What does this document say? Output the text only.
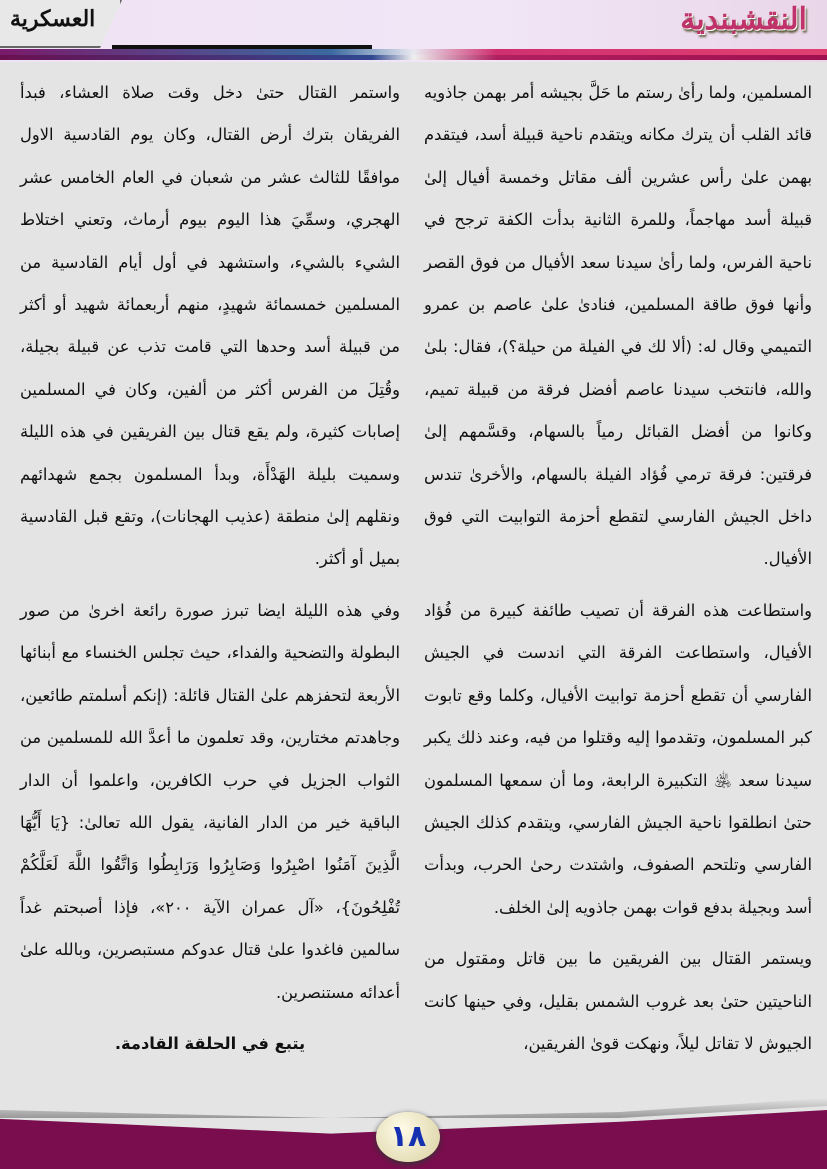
العسكرية	النقشبندية

المسلمين، ولما رأىٰ رستم ما حَلَّ بجيشه أمر بهمن جاذويه قائد القلب أن يترك مكانه ويتقدم ناحية قبيلة أسد، فيتقدم بهمن علىٰ رأس عشرين ألف مقاتل وخمسة أفيال إلىٰ قبيلة أسد مهاجماً، وللمرة الثانية بدأت الكفة ترجح في ناحية الفرس، ولما رأىٰ سيدنا سعد الأفيال من فوق القصر وأنها فوق طاقة المسلمين، فنادىٰ علىٰ عاصم بن عمرو التميمي وقال له: (ألا لك في الفيلة من حيلة؟)، فقال: بلىٰ والله، فانتخب سيدنا عاصم أفضل فرقة من قبيلة تميم، وكانوا من أفضل القبائل رمياً بالسهام، وقسَّمهم إلىٰ فرقتين: فرقة ترمي فُؤاد الفيلة بالسهام، والأخرىٰ تندس داخل الجيش الفارسي لتقطع أحزمة التوابيت التي فوق الأفيال.

واستطاعت هذه الفرقة أن تصيب طائفة كبيرة من فُؤاد الأفيال، واستطاعت الفرقة التي اندست في الجيش الفارسي أن تقطع أحزمة توابيت الأفيال، وكلما وقع تابوت كبر المسلمون، وتقدموا إليه وقتلوا من فيه، وعند ذلك يكبر سيدنا سعد ﵁ التكبيرة الرابعة، وما أن سمعها المسلمون حتىٰ انطلقوا ناحية الجيش الفارسي، ويتقدم كذلك الجيش الفارسي وتلتحم الصفوف، واشتدت رحىٰ الحرب، وبدأت أسد وبجيلة بدفع قوات بهمن جاذويه إلىٰ الخلف.

ويستمر القتال بين الفريقين ما بين قاتل ومقتول من الناحيتين حتىٰ بعد غروب الشمس بقليل، وفي حينها كانت الجيوش لا تقاتل ليلاً، ونهكت قوىٰ الفريقين،

واستمر القتال حتىٰ دخل وقت صلاة العشاء، فبدأ الفريقان بترك أرض القتال، وكان يوم القادسية الاول موافقًا للثالث عشر من شعبان في العام الخامس عشر الهجري، وسمِّيَ هذا اليوم بيوم أرماث، وتعني اختلاط الشيء بالشيء، واستشهد في أول أيام القادسية من المسلمين خمسمائة شهيدٍ، منهم أربعمائة شهيد أو أكثر من قبيلة أسد وحدها التي قامت تذب عن قبيلة بجيلة، وقُتِلَ من الفرس أكثر من ألفين، وكان في المسلمين إصابات كثيرة، ولم يقع قتال بين الفريقين في هذه الليلة وسميت بليلة الهَدْأَة، وبدأ المسلمون بجمع شهدائهم ونقلهم إلىٰ منطقة (عذيب الهجانات)، وتقع قبل القادسية بميل أو أكثر.

وفي هذه الليلة ايضا تبرز صورة رائعة اخرىٰ من صور البطولة والتضحية والفداء، حيث تجلس الخنساء مع أبنائها الأربعة لتحفزهم علىٰ القتال قائلة: (إنكم أسلمتم طائعين، وجاهدتم مختارين، وقد تعلمون ما أعدَّ الله للمسلمين من الثواب الجزيل في حرب الكافرين، واعلموا أن الدار الباقية خير من الدار الفانية، يقول الله تعالىٰ: {يَا أَيُّهَا الَّذِينَ آمَنُوا اصْبِرُوا وَصَابِرُوا وَرَابِطُوا وَاتَّقُوا اللَّهَ لَعَلَّكُمْ تُفْلِحُونَ}، «آل عمران الآية ٢٠٠»، فإذا أصبحتم غداً سالمين فاغدوا علىٰ قتال عدوكم مستبصرين، وبالله علىٰ أعدائه مستنصرين.

يتبع في الحلقة القادمة.

١٨
